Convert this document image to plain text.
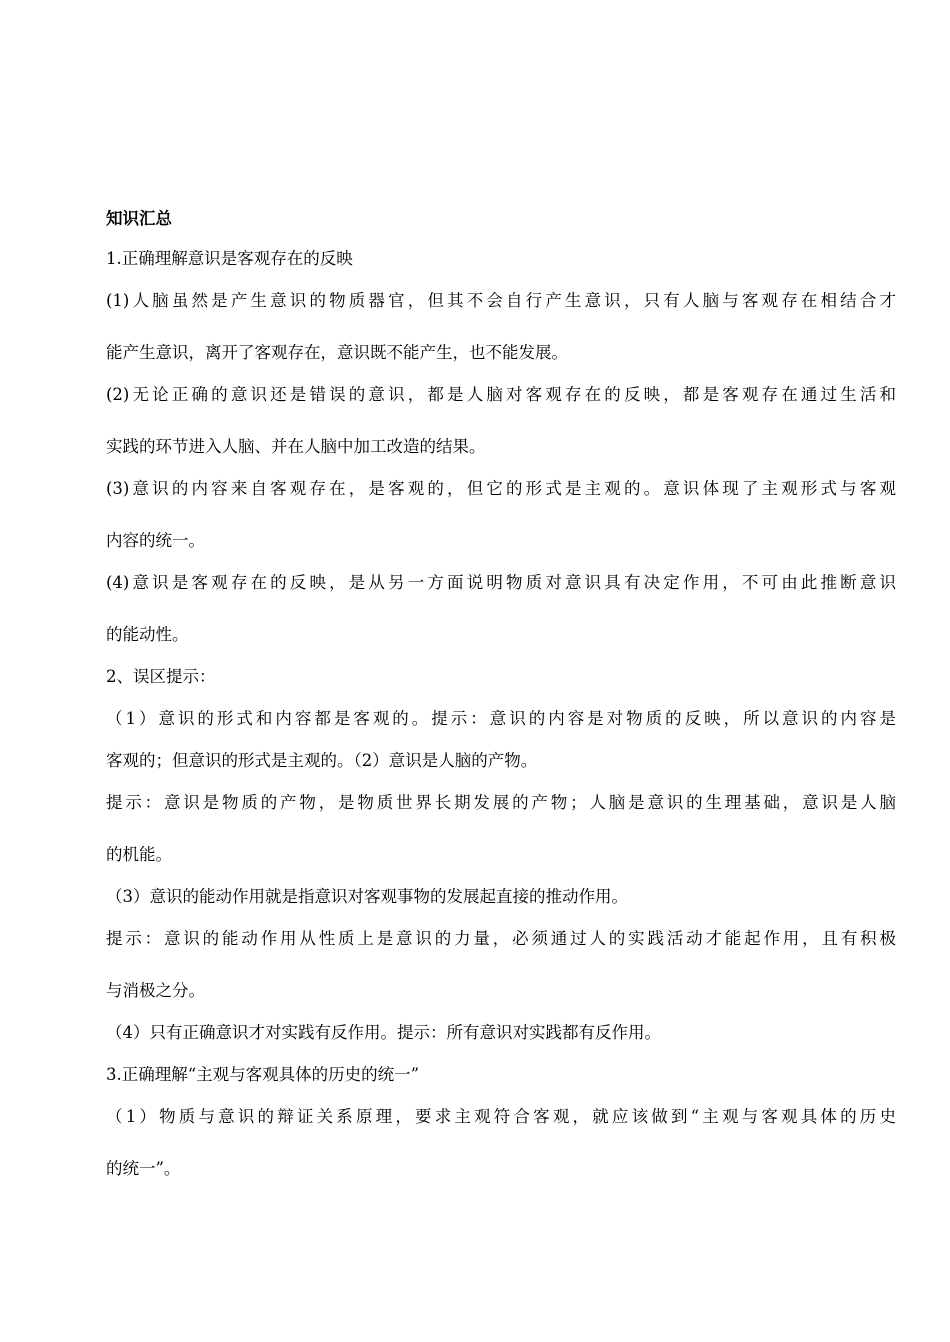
知识汇总

1.正确理解意识是客观存在的反映

(1)人脑虽然是产生意识的物质器官，但其不会自行产生意识，只有人脑与客观存在相结合才

能产生意识，离开了客观存在，意识既不能产生，也不能发展。

(2)无论正确的意识还是错误的意识，都是人脑对客观存在的反映，都是客观存在通过生活和

实践的环节进入人脑、并在人脑中加工改造的结果。

(3)意识的内容来自客观存在，是客观的，但它的形式是主观的。意识体现了主观形式与客观

内容的统一。

(4)意识是客观存在的反映，是从另一方面说明物质对意识具有决定作用，不可由此推断意识

的能动性。

2、误区提示：

（1）意识的形式和内容都是客观的。提示：意识的内容是对物质的反映，所以意识的内容是

客观的；但意识的形式是主观的。（2）意识是人脑的产物。

提示：意识是物质的产物，是物质世界长期发展的产物；人脑是意识的生理基础，意识是人脑

的机能。

（3）意识的能动作用就是指意识对客观事物的发展起直接的推动作用。

提示：意识的能动作用从性质上是意识的力量，必须通过人的实践活动才能起作用，且有积极

与消极之分。

（4）只有正确意识才对实践有反作用。提示：所有意识对实践都有反作用。

3.正确理解“主观与客观具体的历史的统一”

（1）物质与意识的辩证关系原理，要求主观符合客观，就应该做到“主观与客观具体的历史

的统一”。
